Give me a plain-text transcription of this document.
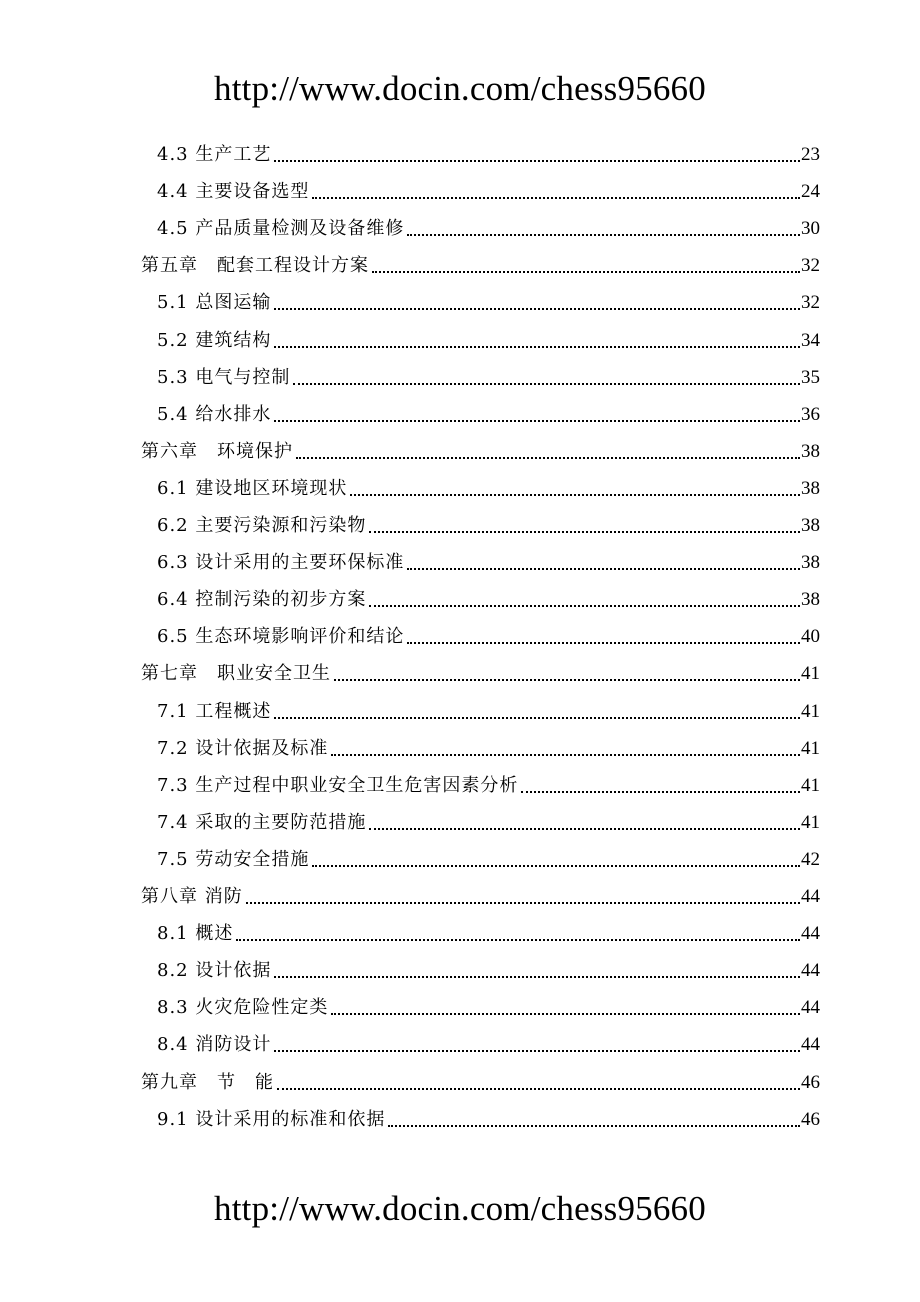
http://www.docin.com/chess95660
4.3 生产工艺	23
4.4 主要设备选型	24
4.5 产品质量检测及设备维修	30
第五章　配套工程设计方案	32
5.1 总图运输	32
5.2 建筑结构	34
5.3 电气与控制	35
5.4 给水排水	36
第六章　环境保护	38
6.1 建设地区环境现状	38
6.2 主要污染源和污染物	38
6.3 设计采用的主要环保标准	38
6.4 控制污染的初步方案	38
6.5 生态环境影响评价和结论	40
第七章　职业安全卫生	41
7.1 工程概述	41
7.2 设计依据及标准	41
7.3 生产过程中职业安全卫生危害因素分析	41
7.4 采取的主要防范措施	41
7.5 劳动安全措施	42
第八章 消防	44
8.1 概述	44
8.2 设计依据	44
8.3 火灾危险性定类	44
8.4 消防设计	44
第九章　节　能	46
9.1 设计采用的标准和依据	46
http://www.docin.com/chess95660
